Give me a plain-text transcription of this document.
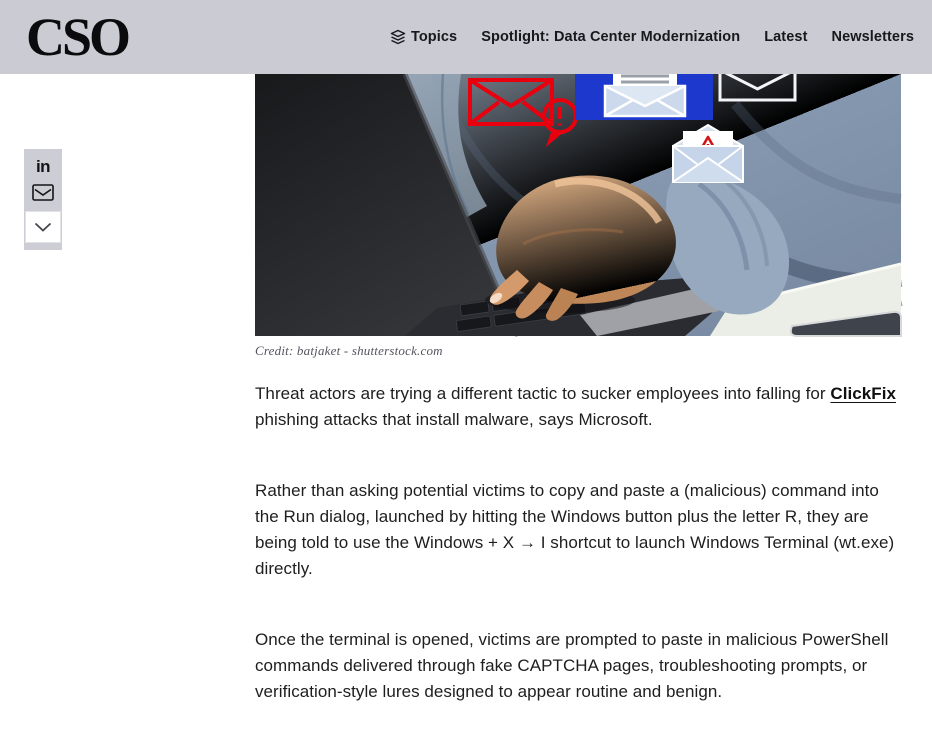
CSO	Topics Spotlight: Data Center Modernization Latest Newsletters
in
Credit: batjaket - shutterstock.com

Threat actors are trying a different tactic to sucker employees into falling for ClickFix phishing attacks that install malware, says Microsoft.

Rather than asking potential victims to copy and paste a (malicious) command into the Run dialog, launched by hitting the Windows button plus the letter R, they are being told to use the Windows + X → I shortcut to launch Windows Terminal (wt.exe) directly.

Once the terminal is opened, victims are prompted to paste in malicious PowerShell commands delivered through fake CAPTCHA pages, troubleshooting prompts, or verification-style lures designed to appear routine and benign.
